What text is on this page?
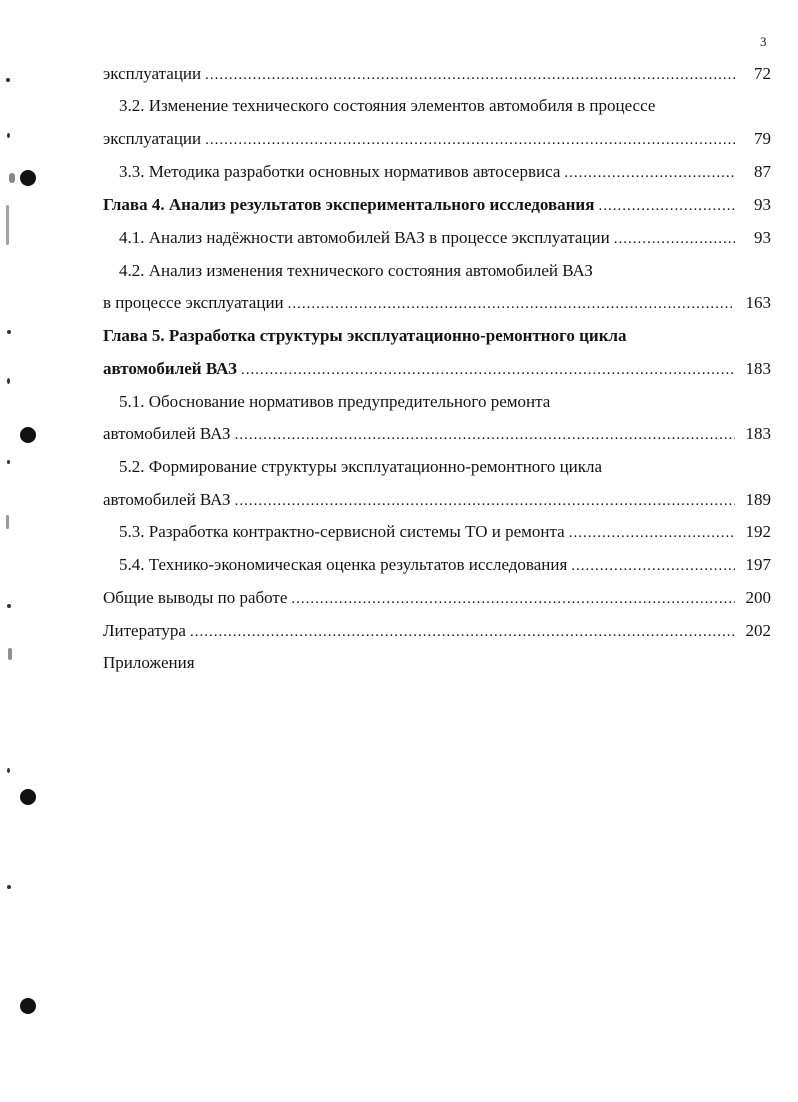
3
эксплуатации .....	72
3.2. Изменение технического состояния элементов автомобиля в процессе
эксплуатации .....	79
3.3. Методика разработки основных нормативов автосервиса .....	87
Глава 4. Анализ результатов экспериментального исследования .....	93
4.1. Анализ надёжности автомобилей ВАЗ в процессе эксплуатации .....	93
4.2. Анализ изменения технического состояния автомобилей ВАЗ
в процессе эксплуатации .....	163
Глава 5. Разработка структуры эксплуатационно-ремонтного цикла
автомобилей ВАЗ .....	183
5.1. Обоснование нормативов предупредительного ремонта
автомобилей ВАЗ .....	183
5.2. Формирование структуры эксплуатационно-ремонтного цикла
автомобилей ВАЗ .....	189
5.3. Разработка контрактно-сервисной системы ТО и ремонта .....	192
5.4. Технико-экономическая оценка результатов исследования .....	197
Общие выводы по работе .....	200
Литература .....	202
Приложения
